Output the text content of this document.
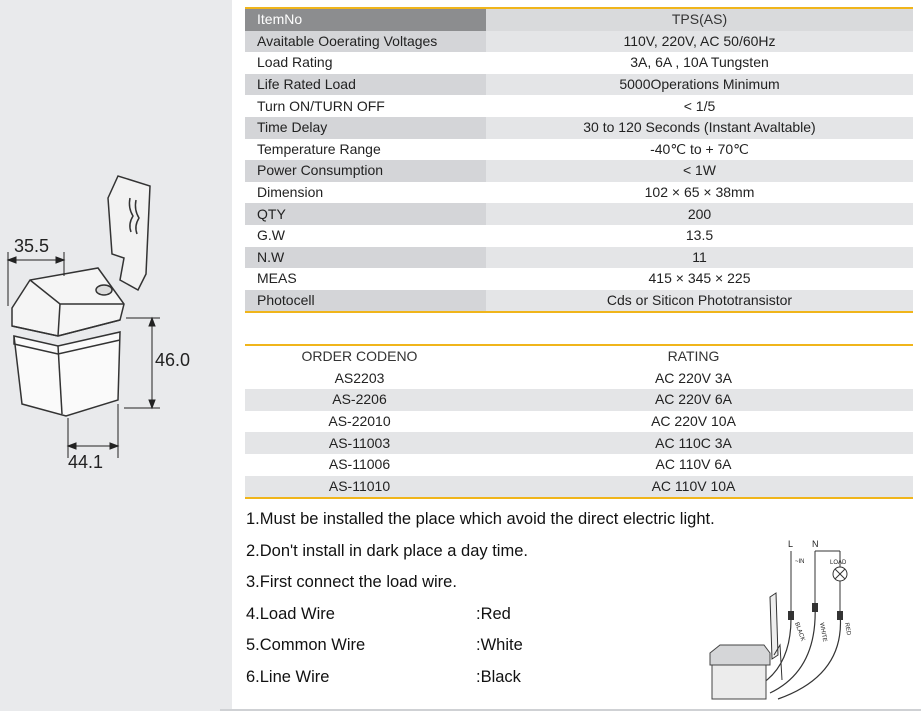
35.5
46.0
44.1
ItemNo	TPS(AS)
Avaitable Ooerating Voltages	110V, 220V, AC 50/60Hz
Load Rating	3A, 6A , 10A Tungsten
Life Rated Load	5000Operations Minimum
Turn ON/TURN OFF	< 1/5
Time Delay	30 to 120 Seconds (Instant Avaltable)
Temperature Range	-40℃ to + 70℃
Power Consumption	< 1W
Dimension	102 × 65 × 38mm
QTY	200
G.W	13.5
N.W	11
MEAS	415 × 345 × 225
Photocell	Cds or Siticon Phototransistor
ORDER CODENO	RATING
AS2203	AC 220V 3A
AS-2206	AC 220V 6A
AS-22010	AC 220V 10A
AS-11003	AC 110C 3A
AS-11006	AC 110V 6A
AS-11010	AC 110V 10A
1.Must be installed the place which avoid the direct electric light.
2.Don't install in dark place a day time.
3.First connect the load wire.
4.Load Wire	:Red
5.Common Wire	:White
6.Line Wire	:Black
L N
~IN	LOAD
BLACK WHITE	RED
